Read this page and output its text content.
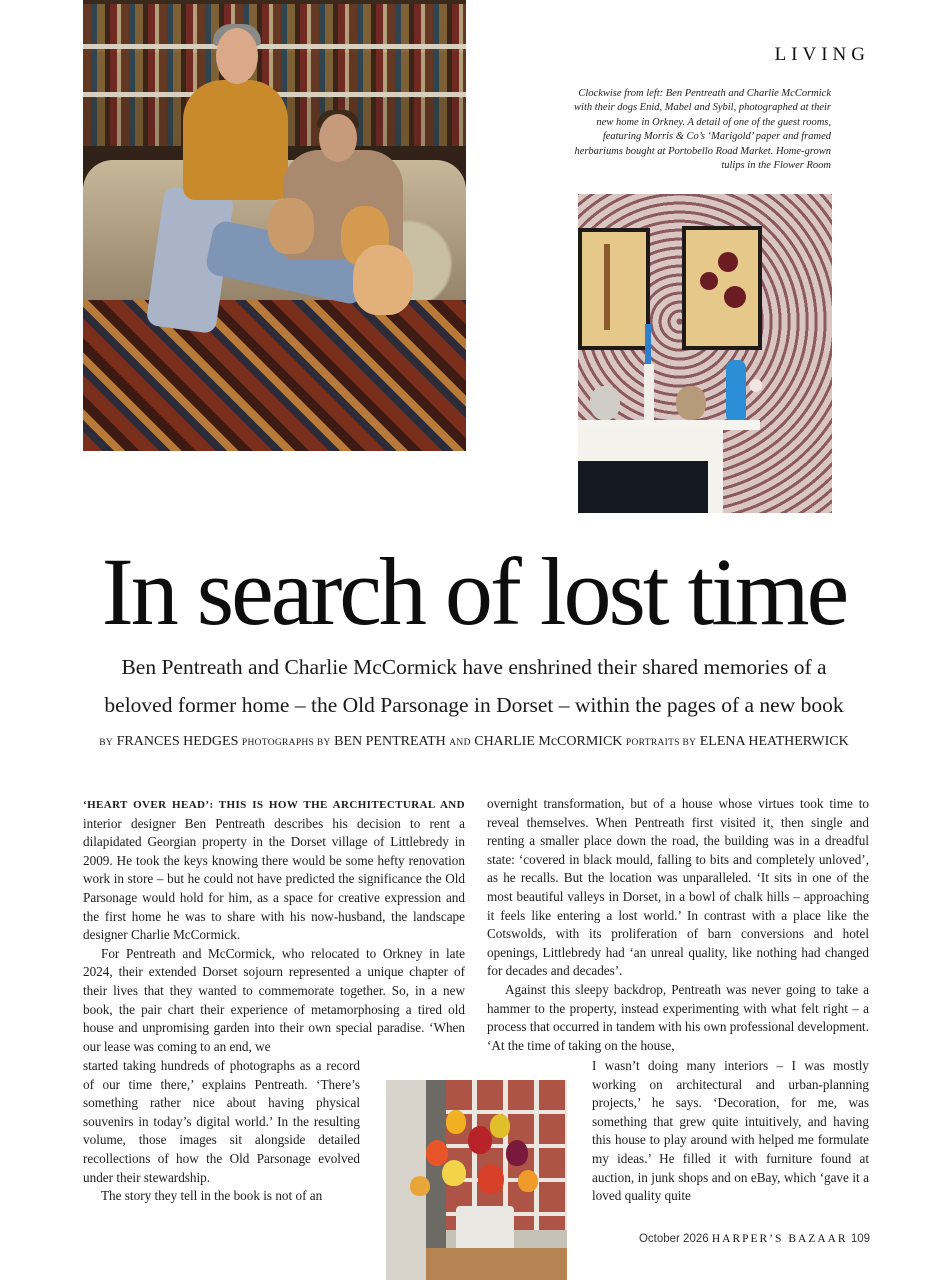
LIVING
Clockwise from left: Ben Pentreath and Charlie McCormick with their dogs Enid, Mabel and Sybil, photographed at their new home in Orkney. A detail of one of the guest rooms, featuring Morris & Co’s ‘Marigold’ paper and framed herbariums bought at Portobello Road Market. Home-grown tulips in the Flower Room
In search of lost time
Ben Pentreath and Charlie McCormick have enshrined their shared memories of a beloved former home – the Old Parsonage in Dorset – within the pages of a new book
BY FRANCES HEDGES PHOTOGRAPHS BY BEN PENTREATH AND CHARLIE McCORMICK PORTRAITS BY ELENA HEATHERWICK

‘HEART OVER HEAD’: THIS IS HOW THE ARCHITECTURAL AND interior designer Ben Pentreath describes his decision to rent a dilapidated Georgian property in the Dorset village of Littlebredy in 2009. He took the keys knowing there would be some hefty renovation work in store – but he could not have predicted the significance the Old Parsonage would hold for him, as a space for creative expression and the first home he was to share with his now-husband, the landscape designer Charlie McCormick.

For Pentreath and McCormick, who relocated to Orkney in late 2024, their extended Dorset sojourn represented a unique chapter of their lives that they wanted to commemorate together. So, in a new book, the pair chart their experience of metamorphosing a tired old house and unpromising garden into their own special paradise. ‘When our lease was coming to an end, we

started taking hundreds of photographs as a record of our time there,’ explains Pentreath. ‘There’s something rather nice about having physical souvenirs in today’s digital world.’ In the resulting volume, those images sit alongside detailed recollections of how the Old Parsonage evolved under their stewardship.

The story they tell in the book is not of an

overnight transformation, but of a house whose virtues took time to reveal themselves. When Pentreath first visited it, then single and renting a smaller place down the road, the building was in a dreadful state: ‘covered in black mould, falling to bits and completely unloved’, as he recalls. But the location was unparalleled. ‘It sits in one of the most beautiful valleys in Dorset, in a bowl of chalk hills – approaching it feels like entering a lost world.’ In contrast with a place like the Cotswolds, with its proliferation of barn conversions and hotel openings, Littlebredy had ‘an unreal quality, like nothing had changed for decades and decades’.

Against this sleepy backdrop, Pentreath was never going to take a hammer to the property, instead experimenting with what felt right – a process that occurred in tandem with his own professional development. ‘At the time of taking on the house,

I wasn’t doing many interiors – I was mostly working on architectural and urban-planning projects,’ he says. ‘Decoration, for me, was something that grew quite intuitively, and having this house to play around with helped me formulate my ideas.’ He filled it with furniture found at auction, in junk shops and on eBay, which ‘gave it a loved quality quite

October 2026 HARPER’S BAZAAR 109
